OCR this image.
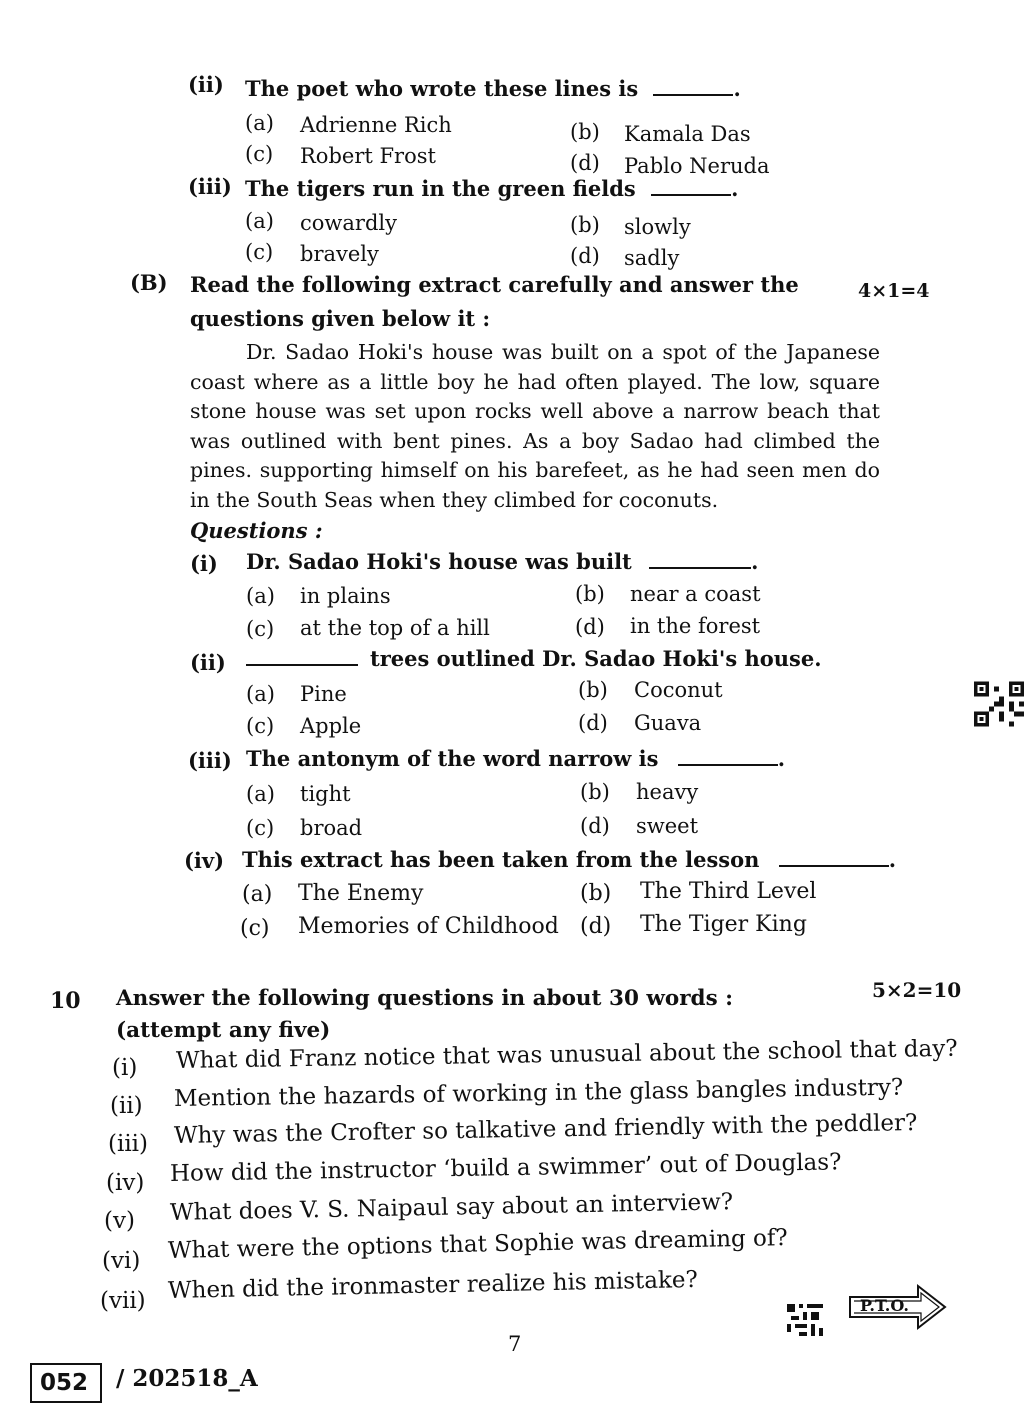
(ii) The poet who wrote these lines is	.
(a) Adrienne Rich	(b) Kamala Das
(c) Robert Frost	(d) Pablo Neruda
(iii) The tigers run in the green fields	.
(a) cowardly	(b) slowly
(c) bravely	(d) sadly
(B) Read the following extract carefully and answer the	4×1=4
questions given below it :

Dr. Sadao Hoki's house was built on a spot of the Japanese coast where as a little boy he had often played. The low, square stone house was set upon rocks well above a narrow beach that was outlined with bent pines. As a boy Sadao had climbed the pines. supporting himself on his barefeet, as he had seen men do in the South Seas when they climbed for coconuts.

Questions :
(i) Dr. Sadao Hoki's house was built	.
(a) in plains	(b) near a coast
(c) at the top of a hill	(d) in the forest
(ii)	trees outlined Dr. Sadao Hoki's house.
(a) Pine	(b) Coconut
(c) Apple	(d) Guava
(iii) The antonym of the word narrow is	.
(a) tight	(b) heavy
(c) broad	(d) sweet
(iv) This extract has been taken from the lesson	.
(a) The Enemy	(b) The Third Level
(c) Memories of Childhood (d) The Tiger King
10 Answer the following questions in about 30 words :	5×2=10
(attempt any five)
(i) What did Franz notice that was unusual about the school that day?
(ii) Mention the hazards of working in the glass bangles industry?
(iii) Why was the Crofter so talkative and friendly with the peddler?
(iv) How did the instructor ‘build a swimmer’ out of Douglas?
(v) What does V. S. Naipaul say about an interview?
(vi) What were the options that Sophie was dreaming of?
(vii) When did the ironmaster realize his mistake?
7
P.T.O.
052 / 202518_A
